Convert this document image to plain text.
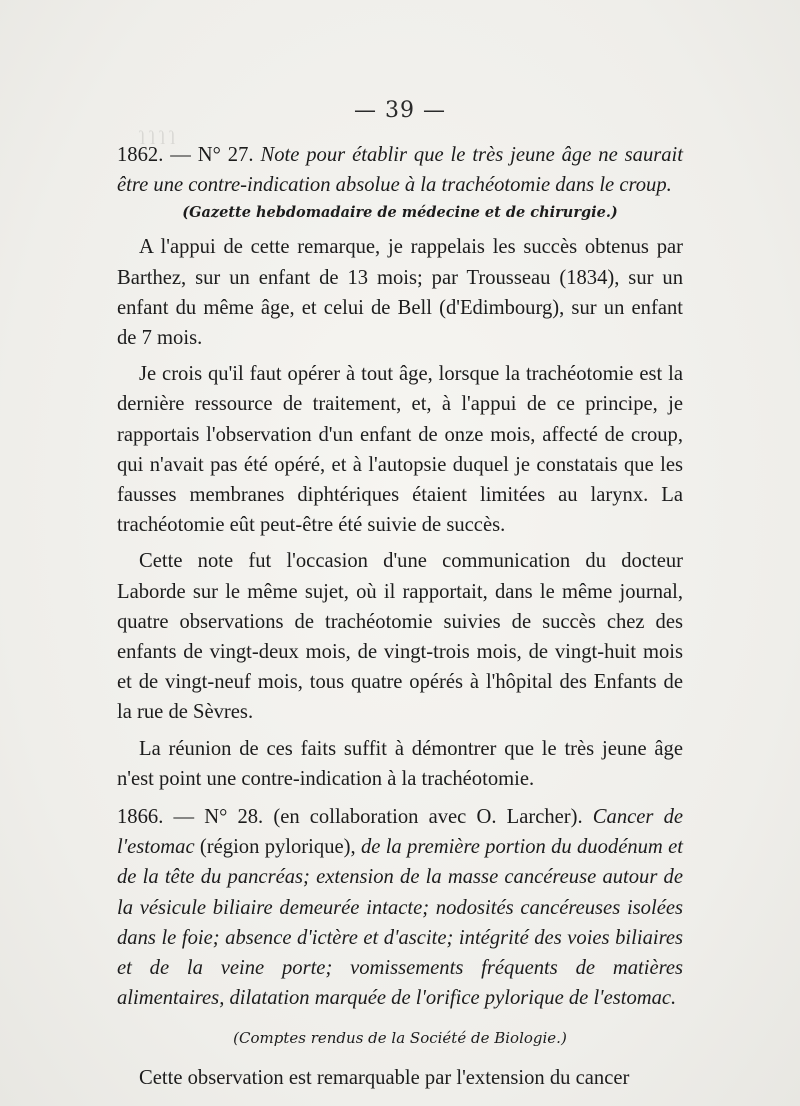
ſ ſ ſ ſ
— 39 —

1862. — N° 27. Note pour établir que le très jeune âge ne saurait être une contre-indication absolue à la trachéotomie dans le croup.

(Gazette hebdomadaire de médecine et de chirurgie.)

A l'appui de cette remarque, je rappelais les succès obtenus par Barthez, sur un enfant de 13 mois; par Trousseau (1834), sur un enfant du même âge, et celui de Bell (d'Edimbourg), sur un enfant de 7 mois.

Je crois qu'il faut opérer à tout âge, lorsque la trachéotomie est la dernière ressource de traitement, et, à l'appui de ce principe, je rapportais l'observation d'un enfant de onze mois, affecté de croup, qui n'avait pas été opéré, et à l'autopsie duquel je constatais que les fausses membranes diphtériques étaient limitées au larynx. La trachéotomie eût peut-être été suivie de succès.

Cette note fut l'occasion d'une communication du docteur Laborde sur le même sujet, où il rapportait, dans le même journal, quatre observations de trachéotomie suivies de succès chez des enfants de vingt-deux mois, de vingt-trois mois, de vingt-huit mois et de vingt-neuf mois, tous quatre opérés à l'hôpital des Enfants de la rue de Sèvres.

La réunion de ces faits suffit à démontrer que le très jeune âge n'est point une contre-indication à la trachéotomie.

1866. — N° 28. (en collaboration avec O. Larcher). Cancer de l'estomac (région pylorique), de la première portion du duodénum et de la tête du pancréas; extension de la masse cancéreuse autour de la vésicule biliaire demeurée intacte; nodosités cancéreuses isolées dans le foie; absence d'ictère et d'ascite; intégrité des voies biliaires et de la veine porte; vomissements fréquents de matières alimentaires, dilatation marquée de l'orifice pylorique de l'estomac.

(Comptes rendus de la Société de Biologie.)

Cette observation est remarquable par l'extension du cancer
